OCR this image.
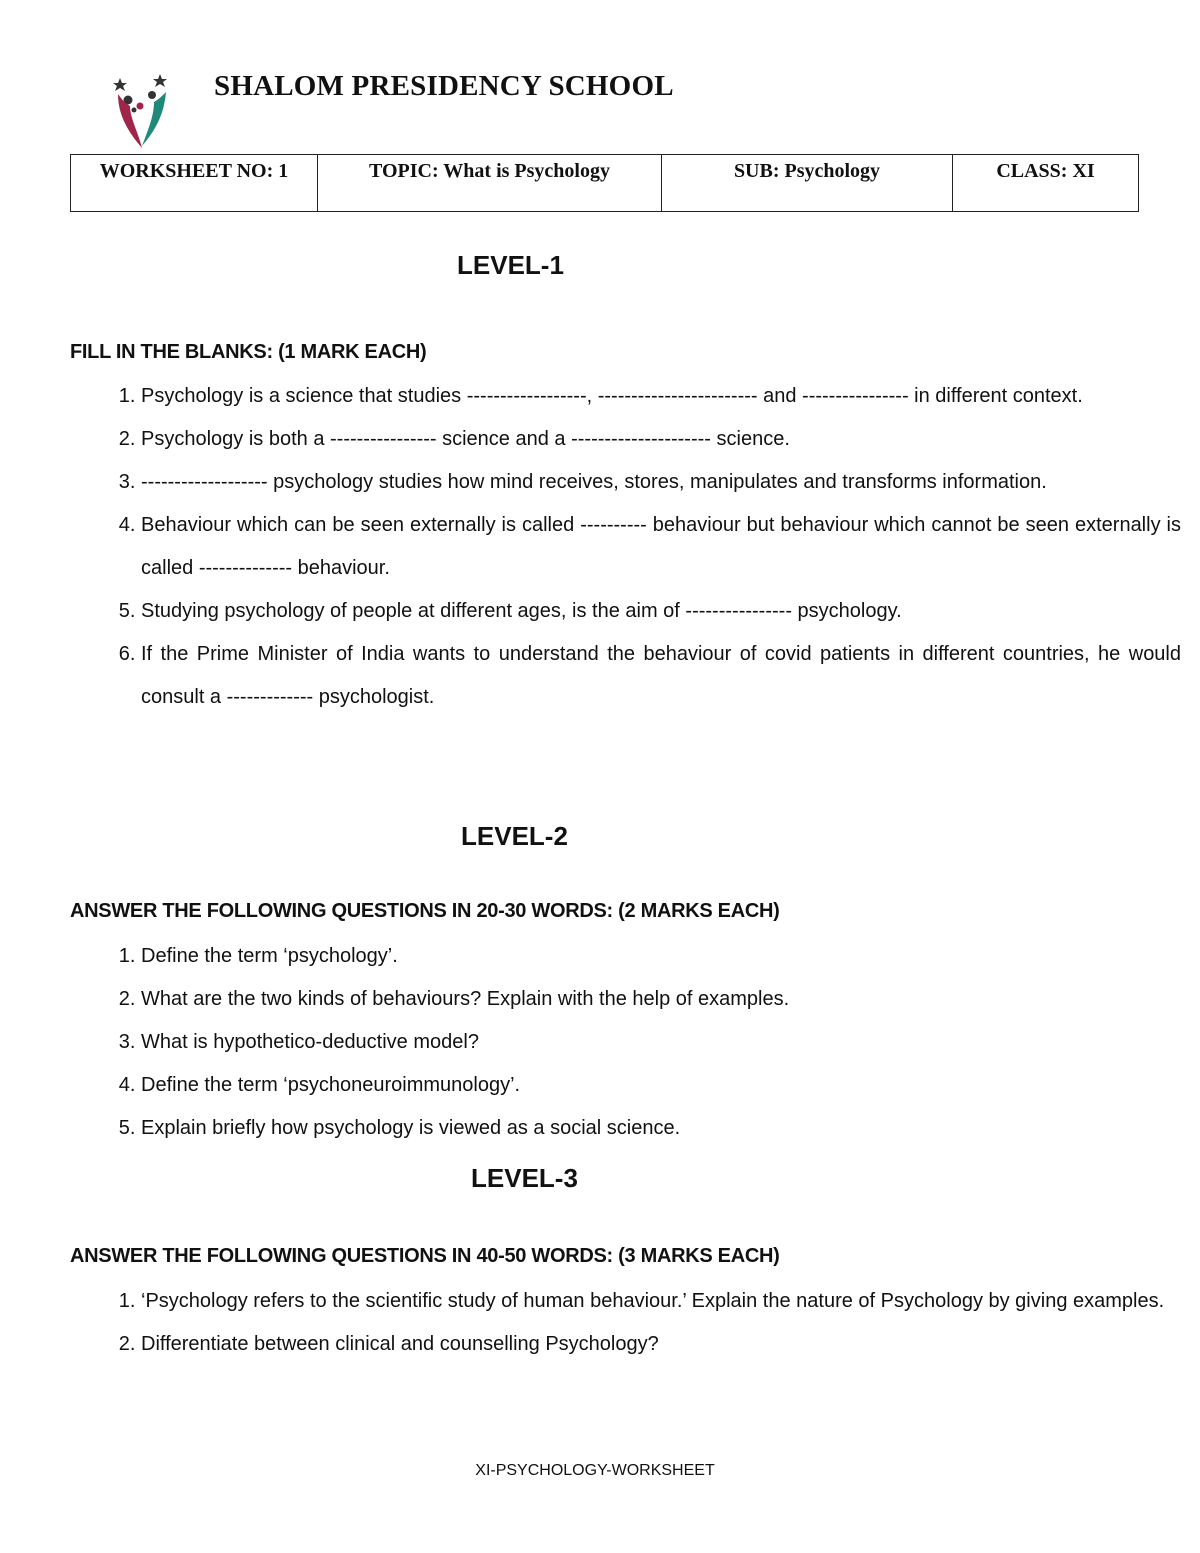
SHALOM PRESIDENCY SCHOOL
WORKSHEET NO: 1	TOPIC: What is Psychology	SUB: Psychology	CLASS: XI
LEVEL-1
FILL IN THE BLANKS: (1 MARK EACH)
1. Psychology is a science that studies ------------------, ------------------------ and ---------------- in different context.
2. Psychology is both a ---------------- science and a --------------------- science.
3. ------------------- psychology studies how mind receives, stores, manipulates and transforms information.
4. Behaviour which can be seen externally is called ---------- behaviour but behaviour which cannot be seen externally is called -------------- behaviour.
5. Studying psychology of people at different ages, is the aim of ---------------- psychology.
6. If the Prime Minister of India wants to understand the behaviour of covid patients in different countries, he would consult a ------------- psychologist.
LEVEL-2
ANSWER THE FOLLOWING QUESTIONS IN 20-30 WORDS: (2 MARKS EACH)
1. Define the term ‘psychology’.
2. What are the two kinds of behaviours? Explain with the help of examples.
3. What is hypothetico-deductive model?
4. Define the term ‘psychoneuroimmunology’.
5. Explain briefly how psychology is viewed as a social science.
LEVEL-3
ANSWER THE FOLLOWING QUESTIONS IN 40-50 WORDS: (3 MARKS EACH)
1. ‘Psychology refers to the scientific study of human behaviour.’ Explain the nature of Psychology by giving examples.
2. Differentiate between clinical and counselling Psychology?
XI-PSYCHOLOGY-WORKSHEET
